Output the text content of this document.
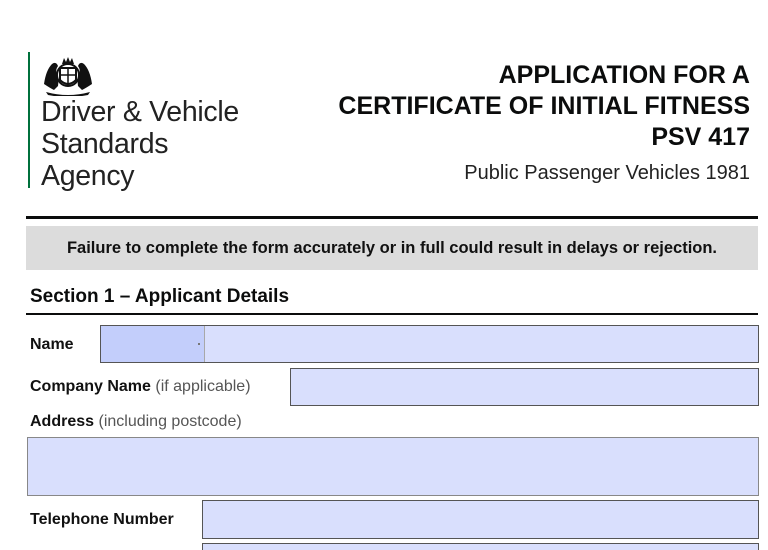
Driver & Vehicle
Standards
Agency
APPLICATION FOR A
CERTIFICATE OF INITIAL FITNESS
PSV 417
Public Passenger Vehicles 1981
Failure to complete the form accurately or in full could result in delays or rejection.
Section 1 – Applicant Details
Name
Company Name (if applicable)
Address (including postcode)
Telephone Number
